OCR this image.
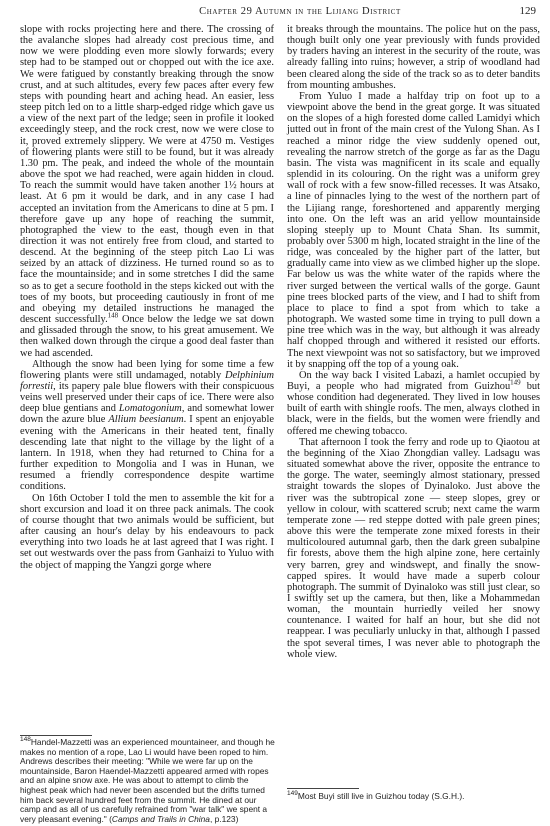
Chapter 29 Autumn in the Lijiang District	129

slope with rocks projecting here and there. The crossing of the avalanche slopes had already cost precious time, and now we were plodding even more slowly forwards; every step had to be stamped out or chopped out with the ice axe. We were fatigued by constantly breaking through the snow crust, and at such altitudes, every few paces after every few steps with pounding heart and aching head. An easier, less steep pitch led on to a little sharp-edged ridge which gave us a view of the next part of the ledge; seen in profile it looked exceedingly steep, and the rock crest, now we were close to it, proved extremely slippery. We were at 4750 m. Vestiges of flowering plants were still to be found, but it was already 1.30 pm. The peak, and indeed the whole of the mountain above the spot we had reached, were again hidden in cloud. To reach the summit would have taken another 1½ hours at least. At 6 pm it would be dark, and in any case I had accepted an invitation from the Americans to dine at 5 pm. I therefore gave up any hope of reaching the summit, photographed the view to the east, though even in that direction it was not entirely free from cloud, and started to descend. At the beginning of the steep pitch Lao Li was seized by an attack of dizziness. He turned round so as to face the mountainside; and in some stretches I did the same so as to get a secure foothold in the steps kicked out with the toes of my boots, but proceeding cautiously in front of me and obeying my detailed instructions he managed the descent successfully.$^{148}$ Once below the ledge we sat down and glissaded through the snow, to his great amusement. We then walked down through the cirque a good deal faster than we had ascended.

Although the snow had been lying for some time a few flowering plants were still undamaged, notably Delphinium forrestii, its papery pale blue flowers with their conspicuous veins well preserved under their caps of ice. There were also deep blue gentians and Lomatogonium, and somewhat lower down the azure blue Allium beesianum. I spent an enjoyable evening with the Americans in their heated tent, finally descending late that night to the village by the light of a lantern. In 1918, when they had returned to China for a further expedition to Mongolia and I was in Hunan, we resumed a friendly correspondence despite wartime conditions.

On 16th October I told the men to assemble the kit for a short excursion and load it on three pack animals. The cook of course thought that two animals would be sufficient, but after causing an hour's delay by his endeavours to pack everything into two loads he at last agreed that I was right. I set out westwards over the pass from Ganhaizi to Yuluo with the object of mapping the Yangzi gorge where

it breaks through the mountains. The police hut on the pass, though built only one year previously with funds provided by traders having an interest in the security of the route, was already falling into ruins; however, a strip of woodland had been cleared along the side of the track so as to deter bandits from mounting ambushes.

From Yuluo I made a halfday trip on foot up to a viewpoint above the bend in the great gorge. It was situated on the slopes of a high forested dome called Lamidyi which jutted out in front of the main crest of the Yulong Shan. As I reached a minor ridge the view suddenly opened out, revealing the narrow stretch of the gorge as far as the Dagu basin. The vista was magnificent in its scale and equally splendid in its colouring. On the right was a uniform grey wall of rock with a few snow-filled recesses. It was Atsako, a line of pinnacles lying to the west of the northern part of the Lijiang range, foreshortened and apparently merging into one. On the left was an arid yellow mountainside sloping steeply up to Mount Chata Shan. Its summit, probably over 5300 m high, located straight in the line of the ridge, was concealed by the higher part of the latter, but gradually came into view as we climbed higher up the slope. Far below us was the white water of the rapids where the river surged between the vertical walls of the gorge. Gaunt pine trees blocked parts of the view, and I had to shift from place to place to find a spot from which to take a photograph. We wasted some time in trying to pull down a pine tree which was in the way, but although it was already half chopped through and withered it resisted our efforts. The next viewpoint was not so satisfactory, but we improved it by snapping off the top of a young oak.

On the way back I visited Labazi, a hamlet occupied by Buyi, a people who had migrated from Guizhou$^{149}$ but whose condition had degenerated. They lived in low houses built of earth with shingle roofs. The men, always clothed in black, were in the fields, but the women were friendly and offered me chewing tobacco.

That afternoon I took the ferry and rode up to Qiaotou at the beginning of the Xiao Zhongdian valley. Ladsagu was situated somewhat above the river, opposite the entrance to the gorge. The water, seemingly almost stationary, pressed straight towards the slopes of Dyinaloko. Just above the river was the subtropical zone — steep slopes, grey or yellow in colour, with scattered scrub; next came the warm temperate zone — red steppe dotted with pale green pines; above this were the temperate zone mixed forests in their multicoloured autumnal garb, then the dark green subalpine fir forests, above them the high alpine zone, here certainly very barren, grey and windswept, and finally the snow-capped spires. It would have made a superb colour photograph. The summit of Dyinaloko was still just clear, so I swiftly set up the camera, but then, like a Mohammedan woman, the mountain hurriedly veiled her snowy countenance. I waited for half an hour, but she did not reappear. I was peculiarly unlucky in that, although I passed the spot several times, I was never able to photograph the whole view.

$^{148}$Handel-Mazzetti was an experienced mountaineer, and though he makes no mention of a rope, Lao Li would have been roped to him. Andrews describes their meeting: "While we were far up on the mountainside, Baron Haendel-Mazzetti appeared armed with ropes and an alpine snow axe. He was about to attempt to climb the highest peak which had never been ascended but the drifts turned him back several hundred feet from the summit. He dined at our camp and as all of us carefully refrained from "war talk" we spent a very pleasant evening." (Camps and Trails in China, p.123)
$^{149}$Most Buyi still live in Guizhou today (S.G.H.).
